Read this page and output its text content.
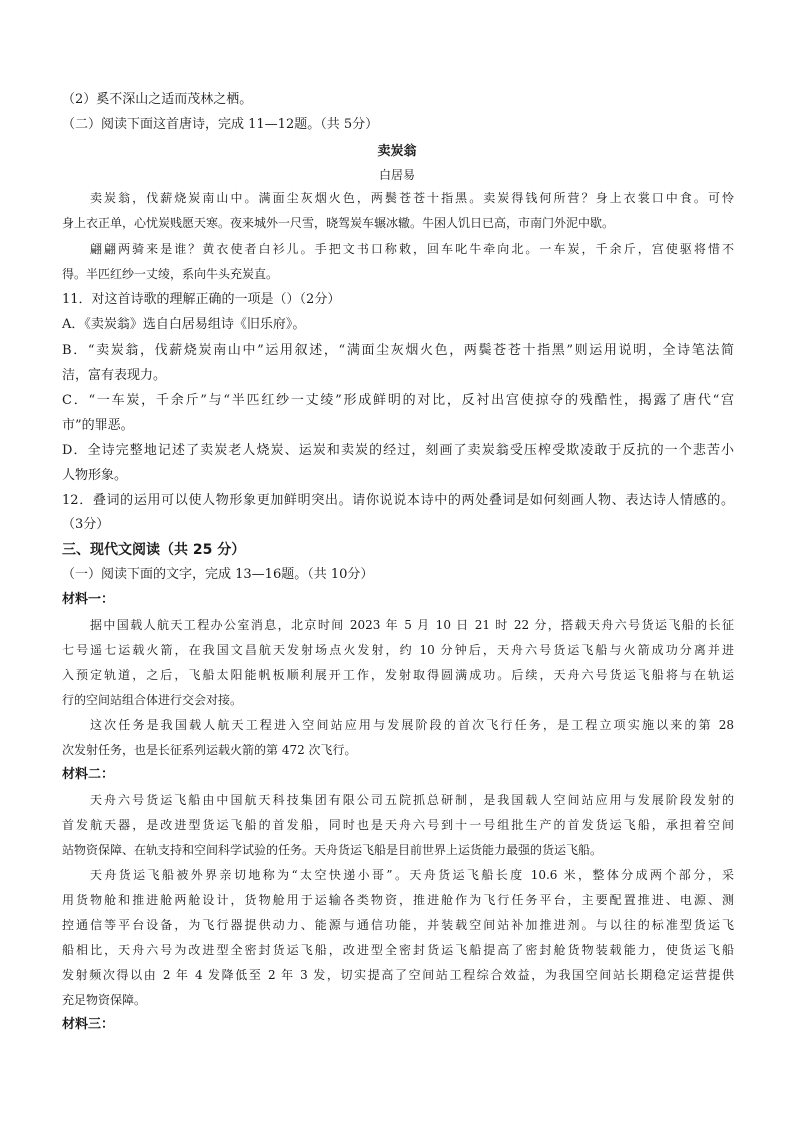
（2）奚不深山之适而茂林之栖。
（二）阅读下面这首唐诗，完成 11—12题。（共 5分）
卖炭翁
白居易
卖炭翁，伐薪烧炭南山中。满面尘灰烟火色，两鬓苍苍十指黑。卖炭得钱何所营？身上衣裳口中食。可怜
身上衣正单，心忧炭贱愿天寒。夜来城外一尺雪，晓驾炭车辗冰辙。牛困人饥日已高，市南门外泥中歇。
翩翩两骑来是谁？黄衣使者白衫儿。手把文书口称敕，回车叱牛牵向北。一车炭，千余斤，宫使驱将惜不
得。半匹红纱一丈绫，系向牛头充炭直。
11．对这首诗歌的理解正确的一项是（）（2分）
A．《卖炭翁》选自白居易组诗《旧乐府》。
B．“卖炭翁，伐薪烧炭南山中”运用叙述，“满面尘灰烟火色，两鬓苍苍十指黑”则运用说明，全诗笔法简
洁，富有表现力。
C．“一车炭，千余斤”与“半匹红纱一丈绫”形成鲜明的对比，反衬出宫使掠夺的残酷性，揭露了唐代“宫
市”的罪恶。
D．全诗完整地记述了卖炭老人烧炭、运炭和卖炭的经过，刻画了卖炭翁受压榨受欺凌敢于反抗的一个悲苦小
人物形象。
12．叠词的运用可以使人物形象更加鲜明突出。请你说说本诗中的两处叠词是如何刻画人物、表达诗人情感的。
（3分）
三、现代文阅读（共 25 分）
（一）阅读下面的文字，完成 13—16题。（共 10分）
材料一：
据中国载人航天工程办公室消息，北京时间 2023 年 5 月 10 日 21 时 22 分，搭载天舟六号货运飞船的长征
七号遥七运载火箭，在我国文昌航天发射场点火发射，约 10 分钟后，天舟六号货运飞船与火箭成功分离并进
入预定轨道，之后，飞船太阳能帆板顺利展开工作，发射取得圆满成功。后续，天舟六号货运飞船将与在轨运
行的空间站组合体进行交会对接。
这次任务是我国载人航天工程进入空间站应用与发展阶段的首次飞行任务，是工程立项实施以来的第 28
次发射任务，也是长征系列运载火箭的第 472 次飞行。
材料二：
天舟六号货运飞船由中国航天科技集团有限公司五院抓总研制，是我国载人空间站应用与发展阶段发射的
首发航天器，是改进型货运飞船的首发船，同时也是天舟六号到十一号组批生产的首发货运飞船，承担着空间
站物资保障、在轨支持和空间科学试验的任务。天舟货运飞船是目前世界上运货能力最强的货运飞船。
天舟货运飞船被外界亲切地称为“太空快递小哥”。天舟货运飞船长度 10.6 米，整体分成两个部分，采
用货物舱和推进舱两舱设计，货物舱用于运输各类物资，推进舱作为飞行任务平台，主要配置推进、电源、测
控通信等平台设备，为飞行器提供动力、能源与通信功能，并装载空间站补加推进剂。与以往的标准型货运飞
船相比，天舟六号为改进型全密封货运飞船，改进型全密封货运飞船提高了密封舱货物装载能力，使货运飞船
发射频次得以由 2 年 4 发降低至 2 年 3 发，切实提高了空间站工程综合效益，为我国空间站长期稳定运营提供
充足物资保障。
材料三：
